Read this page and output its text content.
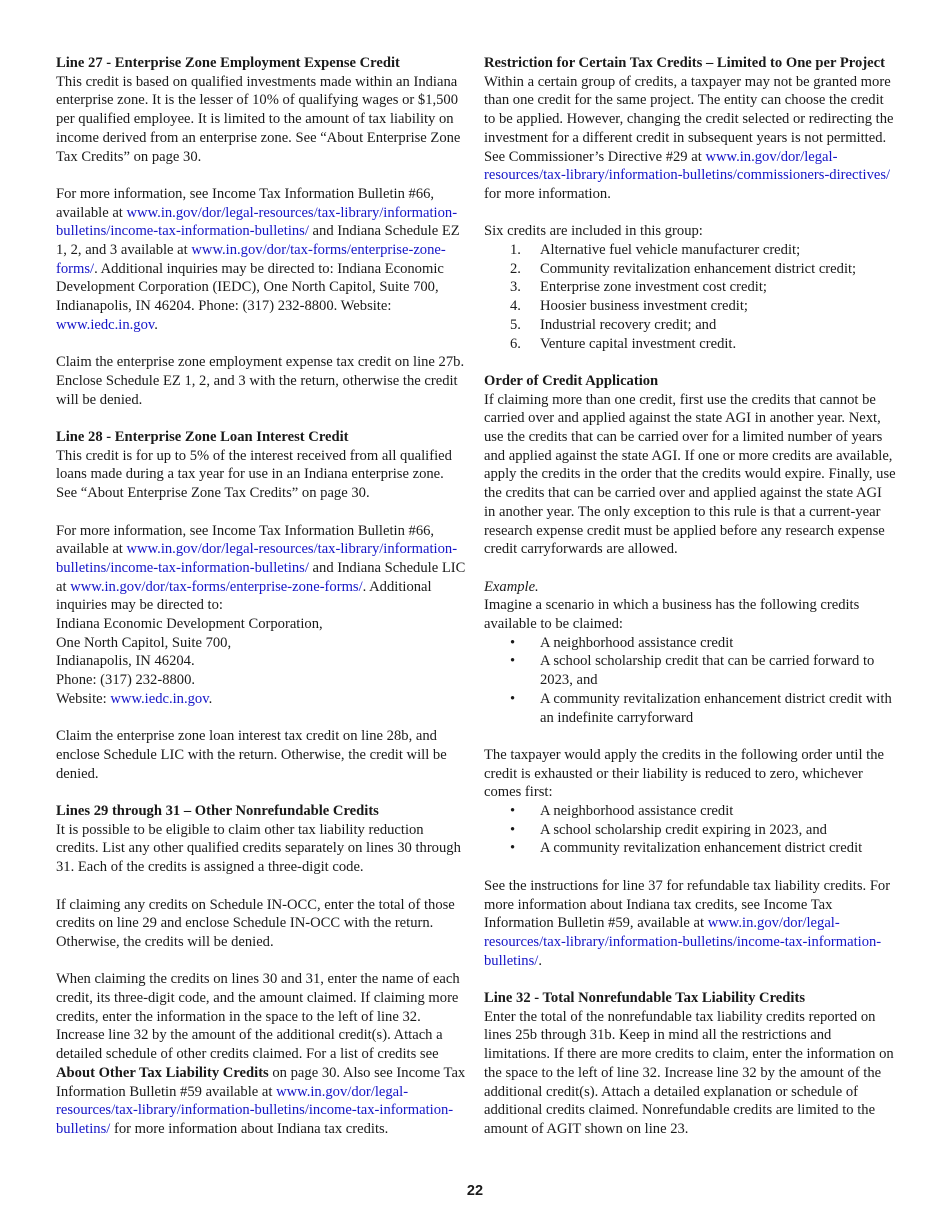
Line 27 - Enterprise Zone Employment Expense Credit

This credit is based on qualified investments made within an Indiana enterprise zone. It is the lesser of 10% of qualifying wages or $1,500 per qualified employee. It is limited to the amount of tax liability on income derived from an enterprise zone. See “About Enterprise Zone Tax Credits” on page 30.

For more information, see Income Tax Information Bulletin #66, available at www.in.gov/dor/legal-resources/tax-library/information-bulletins/income-tax-information-bulletins/ and Indiana Schedule EZ 1, 2, and 3 available at www.in.gov/dor/tax-forms/enterprise-zone-forms/. Additional inquiries may be directed to: Indiana Economic Development Corporation (IEDC), One North Capitol, Suite 700, Indianapolis, IN 46204. Phone: (317) 232-8800. Website: www.iedc.in.gov.

Claim the enterprise zone employment expense tax credit on line 27b. Enclose Schedule EZ 1, 2, and 3 with the return, otherwise the credit will be denied.

Line 28 - Enterprise Zone Loan Interest Credit

This credit is for up to 5% of the interest received from all qualified loans made during a tax year for use in an Indiana enterprise zone. See “About Enterprise Zone Tax Credits” on page 30.

For more information, see Income Tax Information Bulletin #66, available at www.in.gov/dor/legal-resources/tax-library/information-bulletins/income-tax-information-bulletins/ and Indiana Schedule LIC at www.in.gov/dor/tax-forms/enterprise-zone-forms/. Additional inquiries may be directed to:
Indiana Economic Development Corporation,
One North Capitol, Suite 700,
Indianapolis, IN 46204.
Phone: (317) 232-8800.
Website: www.iedc.in.gov.

Claim the enterprise zone loan interest tax credit on line 28b, and enclose Schedule LIC with the return. Otherwise, the credit will be denied.

Lines 29 through 31 – Other Nonrefundable Credits

It is possible to be eligible to claim other tax liability reduction credits. List any other qualified credits separately on lines 30 through 31. Each of the credits is assigned a three-digit code.

If claiming any credits on Schedule IN-OCC, enter the total of those credits on line 29 and enclose Schedule IN-OCC with the return. Otherwise, the credits will be denied.

When claiming the credits on lines 30 and 31, enter the name of each credit, its three-digit code, and the amount claimed. If claiming more credits, enter the information in the space to the left of line 32. Increase line 32 by the amount of the additional credit(s). Attach a detailed schedule of other credits claimed. For a list of credits see About Other Tax Liability Credits on page 30. Also see Income Tax Information Bulletin #59 available at www.in.gov/dor/legal-resources/tax-library/information-bulletins/income-tax-information-bulletins/ for more information about Indiana tax credits.

Restriction for Certain Tax Credits – Limited to One per Project

Within a certain group of credits, a taxpayer may not be granted more than one credit for the same project. The entity can choose the credit to be applied. However, changing the credit selected or redirecting the investment for a different credit in subsequent years is not permitted. See Commissioner’s Directive #29 at www.in.gov/dor/legal-resources/tax-library/information-bulletins/commissioners-directives/ for more information.

Six credits are included in this group:
1. Alternative fuel vehicle manufacturer credit;
2. Community revitalization enhancement district credit;
3. Enterprise zone investment cost credit;
4. Hoosier business investment credit;
5. Industrial recovery credit; and
6. Venture capital investment credit.
Order of Credit Application

If claiming more than one credit, first use the credits that cannot be carried over and applied against the state AGI in another year. Next, use the credits that can be carried over for a limited number of years and applied against the state AGI. If one or more credits are available, apply the credits in the order that the credits would expire. Finally, use the credits that can be carried over and applied against the state AGI in another year. The only exception to this rule is that a current-year research expense credit must be applied before any research expense credit carryforwards are allowed.

Example.
Imagine a scenario in which a business has the following credits available to be claimed:
• A neighborhood assistance credit
• A school scholarship credit that can be carried forward to 2023, and
• A community revitalization enhancement district credit with an indefinite carryforward
The taxpayer would apply the credits in the following order until the credit is exhausted or their liability is reduced to zero, whichever comes first:
• A neighborhood assistance credit
• A school scholarship credit expiring in 2023, and
• A community revitalization enhancement district credit

See the instructions for line 37 for refundable tax liability credits. For more information about Indiana tax credits, see Income Tax Information Bulletin #59, available at www.in.gov/dor/legal-resources/tax-library/information-bulletins/income-tax-information-bulletins/.

Line 32 - Total Nonrefundable Tax Liability Credits

Enter the total of the nonrefundable tax liability credits reported on lines 25b through 31b. Keep in mind all the restrictions and limitations. If there are more credits to claim, enter the information on the space to the left of line 32. Increase line 32 by the amount of the additional credit(s). Attach a detailed explanation or schedule of additional credits claimed. Nonrefundable credits are limited to the amount of AGIT shown on line 23.

22
